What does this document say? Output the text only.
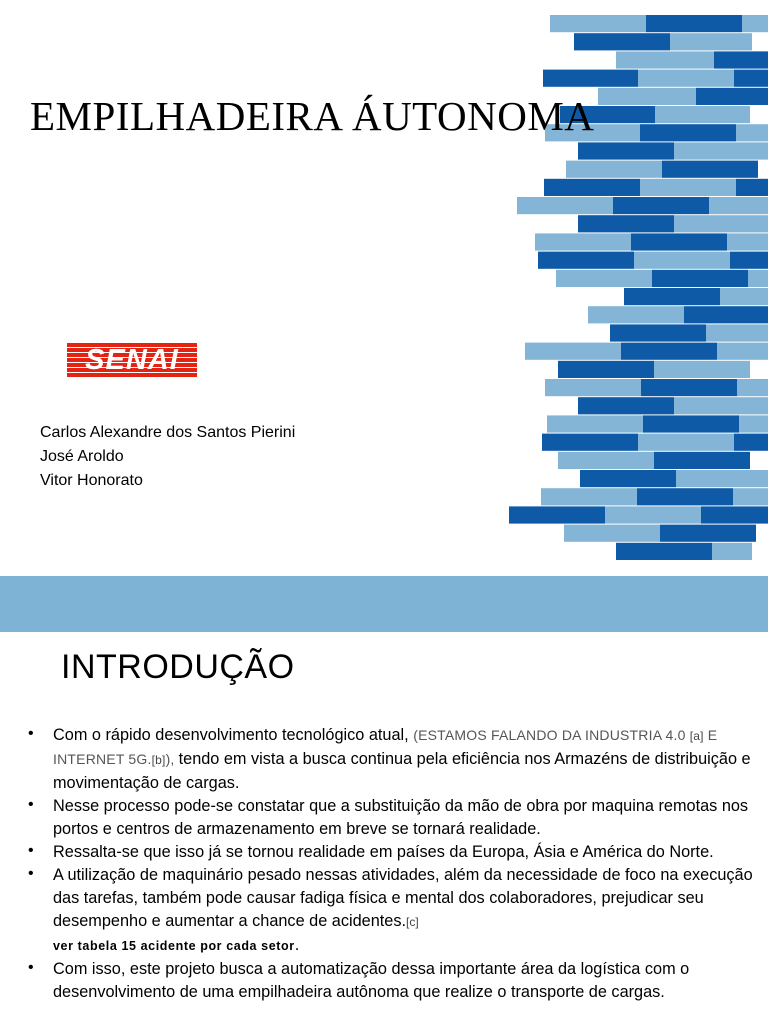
EMPILHADEIRA ÁUTONOMA
SENAI
Carlos Alexandre dos Santos Pierini
José Aroldo
Vitor Honorato
INTRODUÇÃO
• Com o rápido desenvolvimento tecnológico atual, (ESTAMOS FALANDO DA INDUSTRIA 4.0 [a] E INTERNET 5G.[b]), tendo em vista a busca continua pela eficiência nos Armazéns de distribuição e movimentação de cargas.
• Nesse processo pode-se constatar que a substituição da mão de obra por maquina remotas nos portos e centros de armazenamento em breve se tornará realidade.
• Ressalta-se que isso já se tornou realidade em países da Europa, Ásia e América do Norte.
• A utilização de maquinário pesado nessas atividades, além da necessidade de foco na execução das tarefas, também pode causar fadiga física e mental dos colaboradores, prejudicar seu desempenho e aumentar a chance de acidentes.[c]
ver tabela 15 acidente por cada setor.
• Com isso, este projeto busca a automatização dessa importante área da logística com o desenvolvimento de uma empilhadeira autônoma que realize o transporte de cargas.
